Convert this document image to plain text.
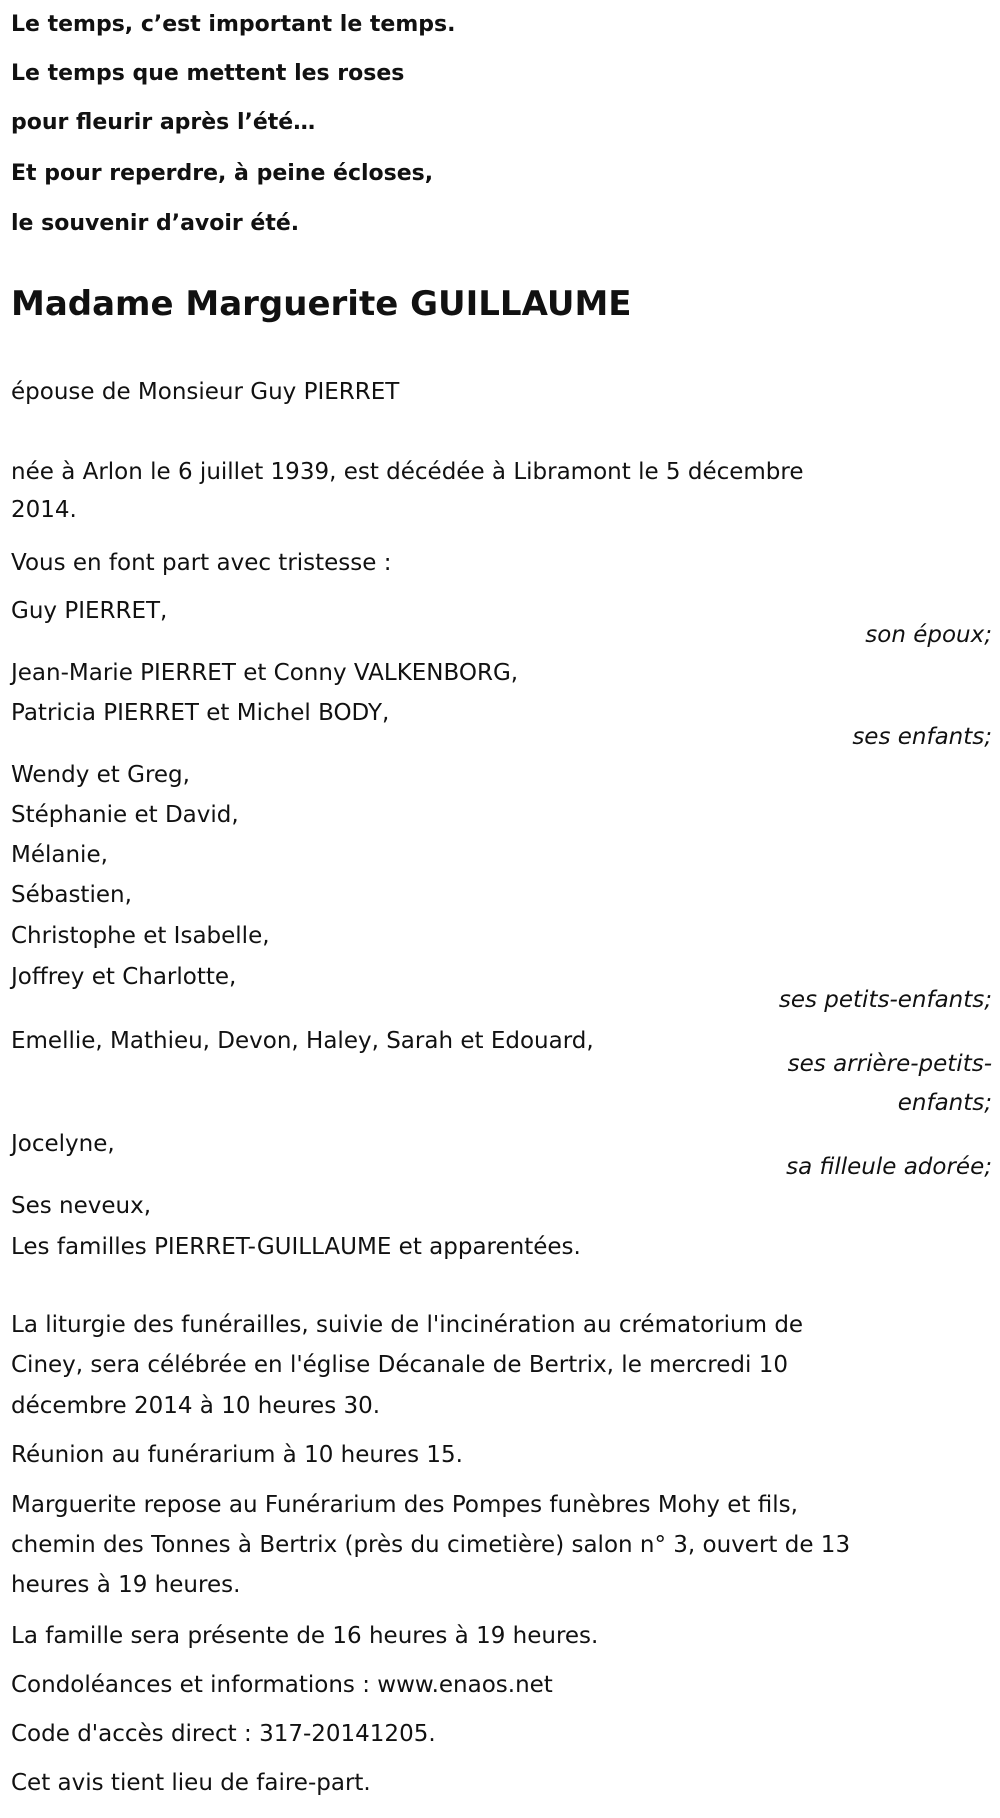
Le temps, c’est important le temps.
Le temps que mettent les roses
pour fleurir après l’été…
Et pour reperdre, à peine écloses,
le souvenir d’avoir été.
Madame Marguerite GUILLAUME
épouse de Monsieur Guy PIERRET
née à Arlon le 6 juillet 1939, est décédée à Libramont le 5 décembre
2014.
Vous en font part avec tristesse :
Guy PIERRET,
son époux;
Jean-Marie PIERRET et Conny VALKENBORG,
Patricia PIERRET et Michel BODY,
ses enfants;
Wendy et Greg,
Stéphanie et David,
Mélanie,
Sébastien,
Christophe et Isabelle,
Joffrey et Charlotte,
ses petits-enfants;
Emellie, Mathieu, Devon, Haley, Sarah et Edouard,
ses arrière-petits-
enfants;
Jocelyne,
sa filleule adorée;
Ses neveux,
Les familles PIERRET-GUILLAUME et apparentées.
La liturgie des funérailles, suivie de l'incinération au crématorium de
Ciney, sera célébrée en l'église Décanale de Bertrix, le mercredi 10
décembre 2014 à 10 heures 30.
Réunion au funérarium à 10 heures 15.
Marguerite repose au Funérarium des Pompes funèbres Mohy et fils,
chemin des Tonnes à Bertrix (près du cimetière) salon n° 3, ouvert de 13
heures à 19 heures.
La famille sera présente de 16 heures à 19 heures.
Condoléances et informations : www.enaos.net
Code d'accès direct : 317-20141205.
Cet avis tient lieu de faire-part.
